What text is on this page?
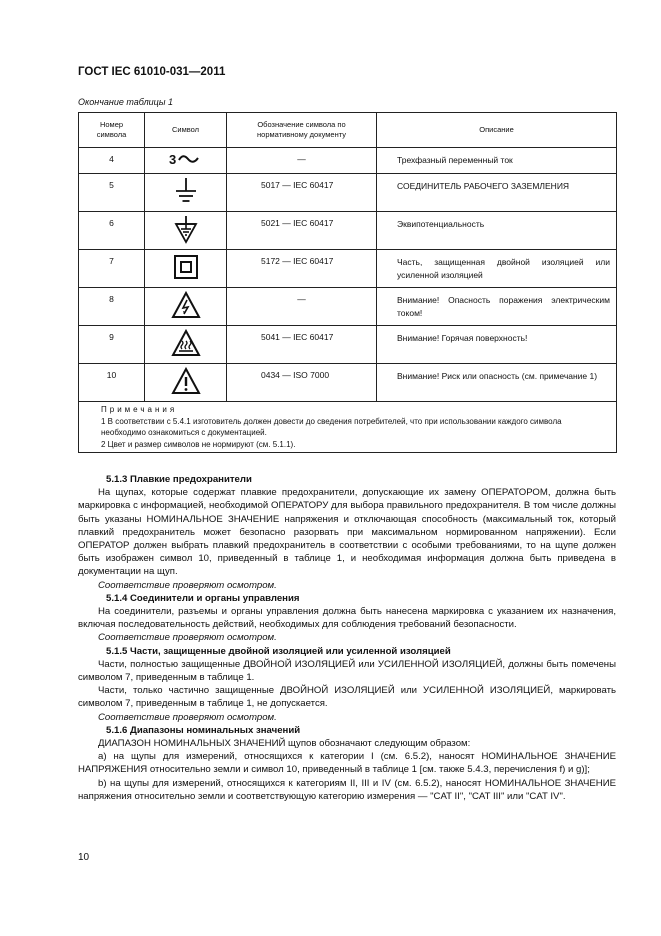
ГОСТ IEC 61010-031—2011
Окончание таблицы 1
Номер символа	Символ	Обозначение символа по нормативному документу	Описание
4	3	—	Трехфазный переменный ток
5		5017 — IEC 60417	СОЕДИНИТЕЛЬ РАБОЧЕГО ЗАЗЕМЛЕНИЯ
6		5021 — IEC 60417	Эквипотенциальность
7		5172 — IEC 60417	Часть, защищенная двойной изоляцией или усиленной изоляцией
8		—	Внимание! Опасность поражения электрическим током!
9		5041 — IEC 60417	Внимание! Горячая поверхность!
10		0434 — ISO 7000	Внимание! Риск или опасность (см. примечание 1)

Примечания
1 В соответствии с 5.4.1 изготовитель должен довести до сведения потребителей, что при использовании каждого символа необходимо ознакомиться с документацией.
2 Цвет и размер символов не нормируют (см. 5.1.1).			
5.1.3 Плавкие предохранители

На щупах, которые содержат плавкие предохранители, допускающие их замену ОПЕРАТОРОМ, должна быть маркировка с информацией, необходимой ОПЕРАТОРУ для выбора правильного предохранителя. В том числе должны быть указаны НОМИНАЛЬНОЕ ЗНАЧЕНИЕ напряжения и отключающая способность (максимальный ток, который плавкий предохранитель может безопасно разорвать при максимальном нормированном напряжении). Если ОПЕРАТОР должен выбрать плавкий предохранитель в соответствии с особыми требованиями, то на щупе должен быть изображен символ 10, приведенный в таблице 1, и необходимая информация должна быть приведена в документации на щуп.

Соответствие проверяют осмотром.

5.1.4 Соединители и органы управления

На соединители, разъемы и органы управления должна быть нанесена маркировка с указанием их назначения, включая последовательность действий, необходимых для соблюдения требований безопасности.

Соответствие проверяют осмотром.

5.1.5 Части, защищенные двойной изоляцией или усиленной изоляцией

Части, полностью защищенные ДВОЙНОЙ ИЗОЛЯЦИЕЙ или УСИЛЕННОЙ ИЗОЛЯЦИЕЙ, должны быть помечены символом 7, приведенным в таблице 1.

Части, только частично защищенные ДВОЙНОЙ ИЗОЛЯЦИЕЙ или УСИЛЕННОЙ ИЗОЛЯЦИЕЙ, маркировать символом 7, приведенным в таблице 1, не допускается.

Соответствие проверяют осмотром.

5.1.6 Диапазоны номинальных значений

ДИАПАЗОН НОМИНАЛЬНЫХ ЗНАЧЕНИЙ щупов обозначают следующим образом:

а) на щупы для измерений, относящихся к категории I (см. 6.5.2), наносят НОМИНАЛЬНОЕ ЗНАЧЕНИЕ НАПРЯЖЕНИЯ относительно земли и символ 10, приведенный в таблице 1 [см. также 5.4.3, перечисления f) и g)];

b) на щупы для измерений, относящихся к категориям II, III и IV (см. 6.5.2), наносят НОМИНАЛЬНОЕ ЗНАЧЕНИЕ напряжения относительно земли и соответствующую категорию измерения — "CAT II", "CAT III" или "CAT IV".

10
